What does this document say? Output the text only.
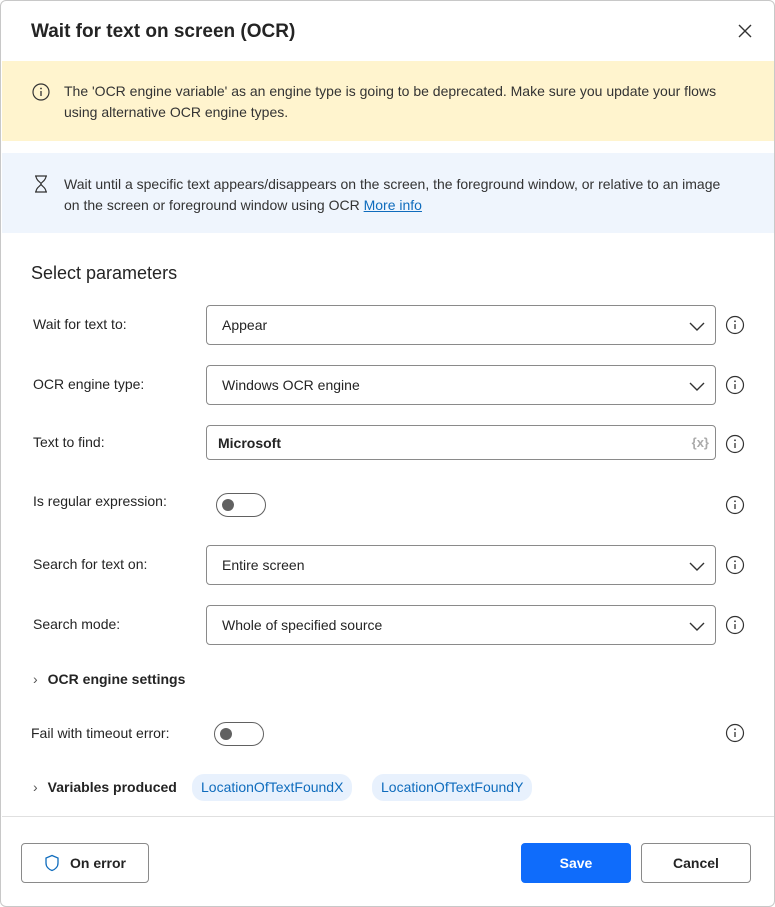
Wait for text on screen (OCR)
The 'OCR engine variable' as an engine type is going to be deprecated. Make sure you update your flows using alternative OCR engine types.
Wait until a specific text appears/disappears on the screen, the foreground window, or relative to an image on the screen or foreground window using OCR More info
Select parameters
Wait for text to:	Appear
OCR engine type:	Windows OCR engine
Text to find:	Microsoft	{x}
Is regular expression:
Search for text on:	Entire screen
Search mode:	Whole of specified source
› OCR engine settings
Fail with timeout error:
› Variables produced	LocationOfTextFoundX	LocationOfTextFoundY
On error	Save	Cancel
